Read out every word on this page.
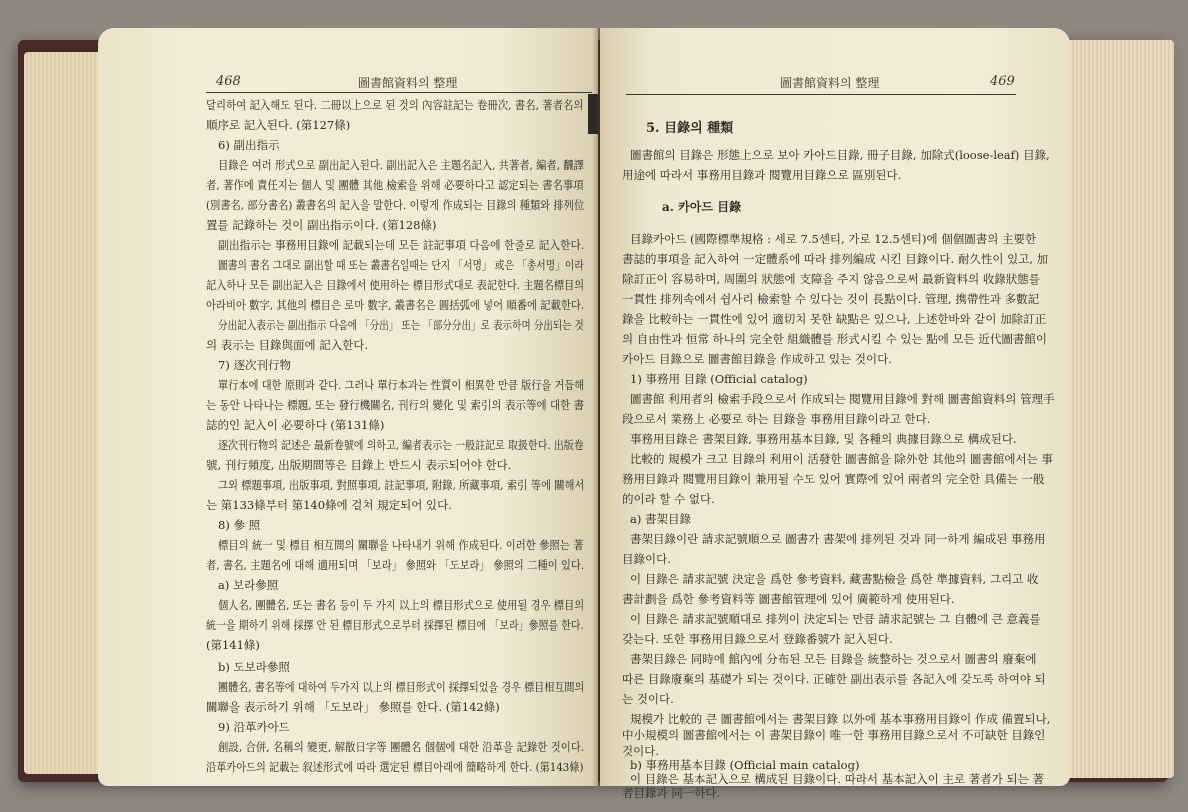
468	圖書館資料의 整理
달리하여 記入해도 된다. 二冊以上으로 된 것의 內容註記는 卷冊次, 書名, 著者名의
順序로 記入된다. (第127條)
6) 副出指示
目錄은 여러 形式으로 副出記入된다. 副出記入은 主題名記入, 共著者, 編者, 飜譯
者, 著作에 責任지는 個人 및 團體 其他 檢索을 위해 必要하다고 認定되는 書名事項
(別書名, 部分書名) 叢書名의 記入을 말한다. 이렇게 作成되는 目錄의 種類와 排列位
置를 記錄하는 것이 副出指示이다. (第128條)
副出指示는 事務用目錄에 記載되는데 모든 註記事項 다음에 한줄로 記入한다.
圖書의 書名 그대로 副出할 때 또는 叢書名일때는 단지 「서명」 或은 「총서명」이라
記入하나 모든 副出記入은 目錄에서 使用하는 標目形式대로 表記한다. 主題名標目의
아라비아 數字, 其他의 標目은 로마 數字, 叢書名은 圓括弧에 넣어 順番에 記載한다.
分出記入表示는 副出指示 다음에 「分出」 또는 「部分分出」로 表示하며 分出되는 것
의 表示는 目錄與面에 記入한다.
7) 逐次刊行物
單行本에 대한 原則과 같다. 그러나 單行本과는 性質이 相異한 만큼 版行을 거듭해
는 동안 나타나는 標題, 또는 發行機關名, 刊行의 變化 및 索引의 表示等에 대한 書
誌的인 記入이 必要하다 (第131條)
逐次刊行物의 記述은 最新卷號에 의하고, 編者表示는 一般註記로 取扱한다. 出版卷
號, 刊行頻度, 出版期間等은 目錄上 반드시 表示되어야 한다.
그외 標題事項, 出版事項, 對照事項, 註記事項, 附錄, 所藏事項, 索引 等에 關해서
는 第133條부터 第140條에 걸쳐 規定되어 있다.
8) 參 照
標目의 統一 및 標目 相互間의 關聯을 나타내기 위해 作成된다. 이러한 參照는 著
者, 書名, 主題名에 대해 適用되며 「보라」 參照와 「도보라」 參照의 二種이 있다.
a) 보라參照
個人名, 團體名, 또는 書名 등이 두 가지 以上의 標目形式으로 使用될 경우 標目의
統一을 期하기 위해 採擇 안 된 標目形式으로부터 採擇된 標目에 「보라」參照를 한다.
(第141條)
b) 도보라參照
團體名, 書名等에 대하여 두가지 以上의 標目形式이 採擇되었을 경우 標目相互間의
關聯을 表示하기 위해 「도보라」 參照를 한다. (第142條)
9) 沿革카아드
創設, 合併, 名稱의 變更, 解散日字等 團體名 個個에 대한 沿革을 記錄한 것이다.
沿革카아드의 記載는 叙述形式에 따라 選定된 標目아래에 簡略하게 한다. (第143條)
圖書館資料의 整理	469
5. 目錄의 種類
圖書館의 目錄은 形態上으로 보아 카아드目錄, 冊子目錄, 加除式(loose-leaf) 目錄,
用途에 따라서 事務用目錄과 閱覽用目錄으로 區別된다.
a. 카아드 目錄
目錄카아드 (國際標準規格 : 세로 7.5센티, 가로 12.5센티)에 個個圖書의 主要한
書誌的事項을 記入하여 一定體系에 따라 排列編成 시킨 目錄이다. 耐久性이 있고, 加
除訂正이 容易하며, 周圍의 狀態에 支障을 주지 않음으로써 最新資料의 收錄狀態를
一貫性 排列속에서 쉽사리 檢索할 수 있다는 것이 長點이다. 管理, 携帶性과 多數記
錄을 比較하는 一貫性에 있어 適切치 못한 缺點은 있으나, 上述한바와 같이 加除訂正
의 自由性과 恒常 하나의 完全한 組織體를 形式시킬 수 있는 點에 모든 近代圖書館이
카아드 目錄으로 圖書館目錄을 作成하고 있는 것이다.
1) 事務用 目錄 (Official catalog)
圖書館 利用者의 檢索手段으로서 作成되는 閱覽用目錄에 對해 圖書館資料의 管理手
段으로서 業務上 必要로 하는 目錄을 事務用目錄이라고 한다.
事務用目錄은 書架目錄, 事務用基本目錄, 및 各種의 典據目錄으로 構成된다.
比較的 規模가 크고 目錄의 利用이 活發한 圖書館을 除外한 其他의 圖書館에서는 事
務用目錄과 閱覽用目錄이 兼用될 수도 있어 實際에 있어 兩者의 完全한 具備는 一般
的이라 할 수 없다.
a) 書架目錄
書架目錄이란 請求記號順으로 圖書가 書架에 排列된 것과 同一하게 編成된 事務用
目錄이다.
이 目錄은 請求記號 決定을 爲한 參考資料, 藏書點檢을 爲한 準據資料, 그리고 收
書計劃을 爲한 參考資料等 圖書館管理에 있어 廣範하게 使用된다.
이 目錄은 請求記號順대로 排列이 決定되는 만큼 請求記號는 그 自體에 큰 意義를
갖는다. 또한 事務用目錄으로서 登錄番號가 記入된다.
書架目錄은 同時에 館內에 分布된 모든 目錄을 統整하는 것으로서 圖書의 廢棄에
따른 目錄廢棄의 基礎가 되는 것이다. 正確한 副出表示를 各記入에 갖도록 하여야 되
는 것이다.
規模가 比較的 큰 圖書館에서는 書架目錄 以外에 基本事務用目錄이 作成 備置되나,
中小規模의 圖書館에서는 이 書架目錄이 唯一한 事務用目錄으로서 不可缺한 目錄인
것이다.
b) 事務用基本目錄 (Official main catalog)
이 目錄은 基本記入으로 構成된 目錄이다. 따라서 基本記入이 主로 著者가 되는 著
者目錄과 同一하다.
